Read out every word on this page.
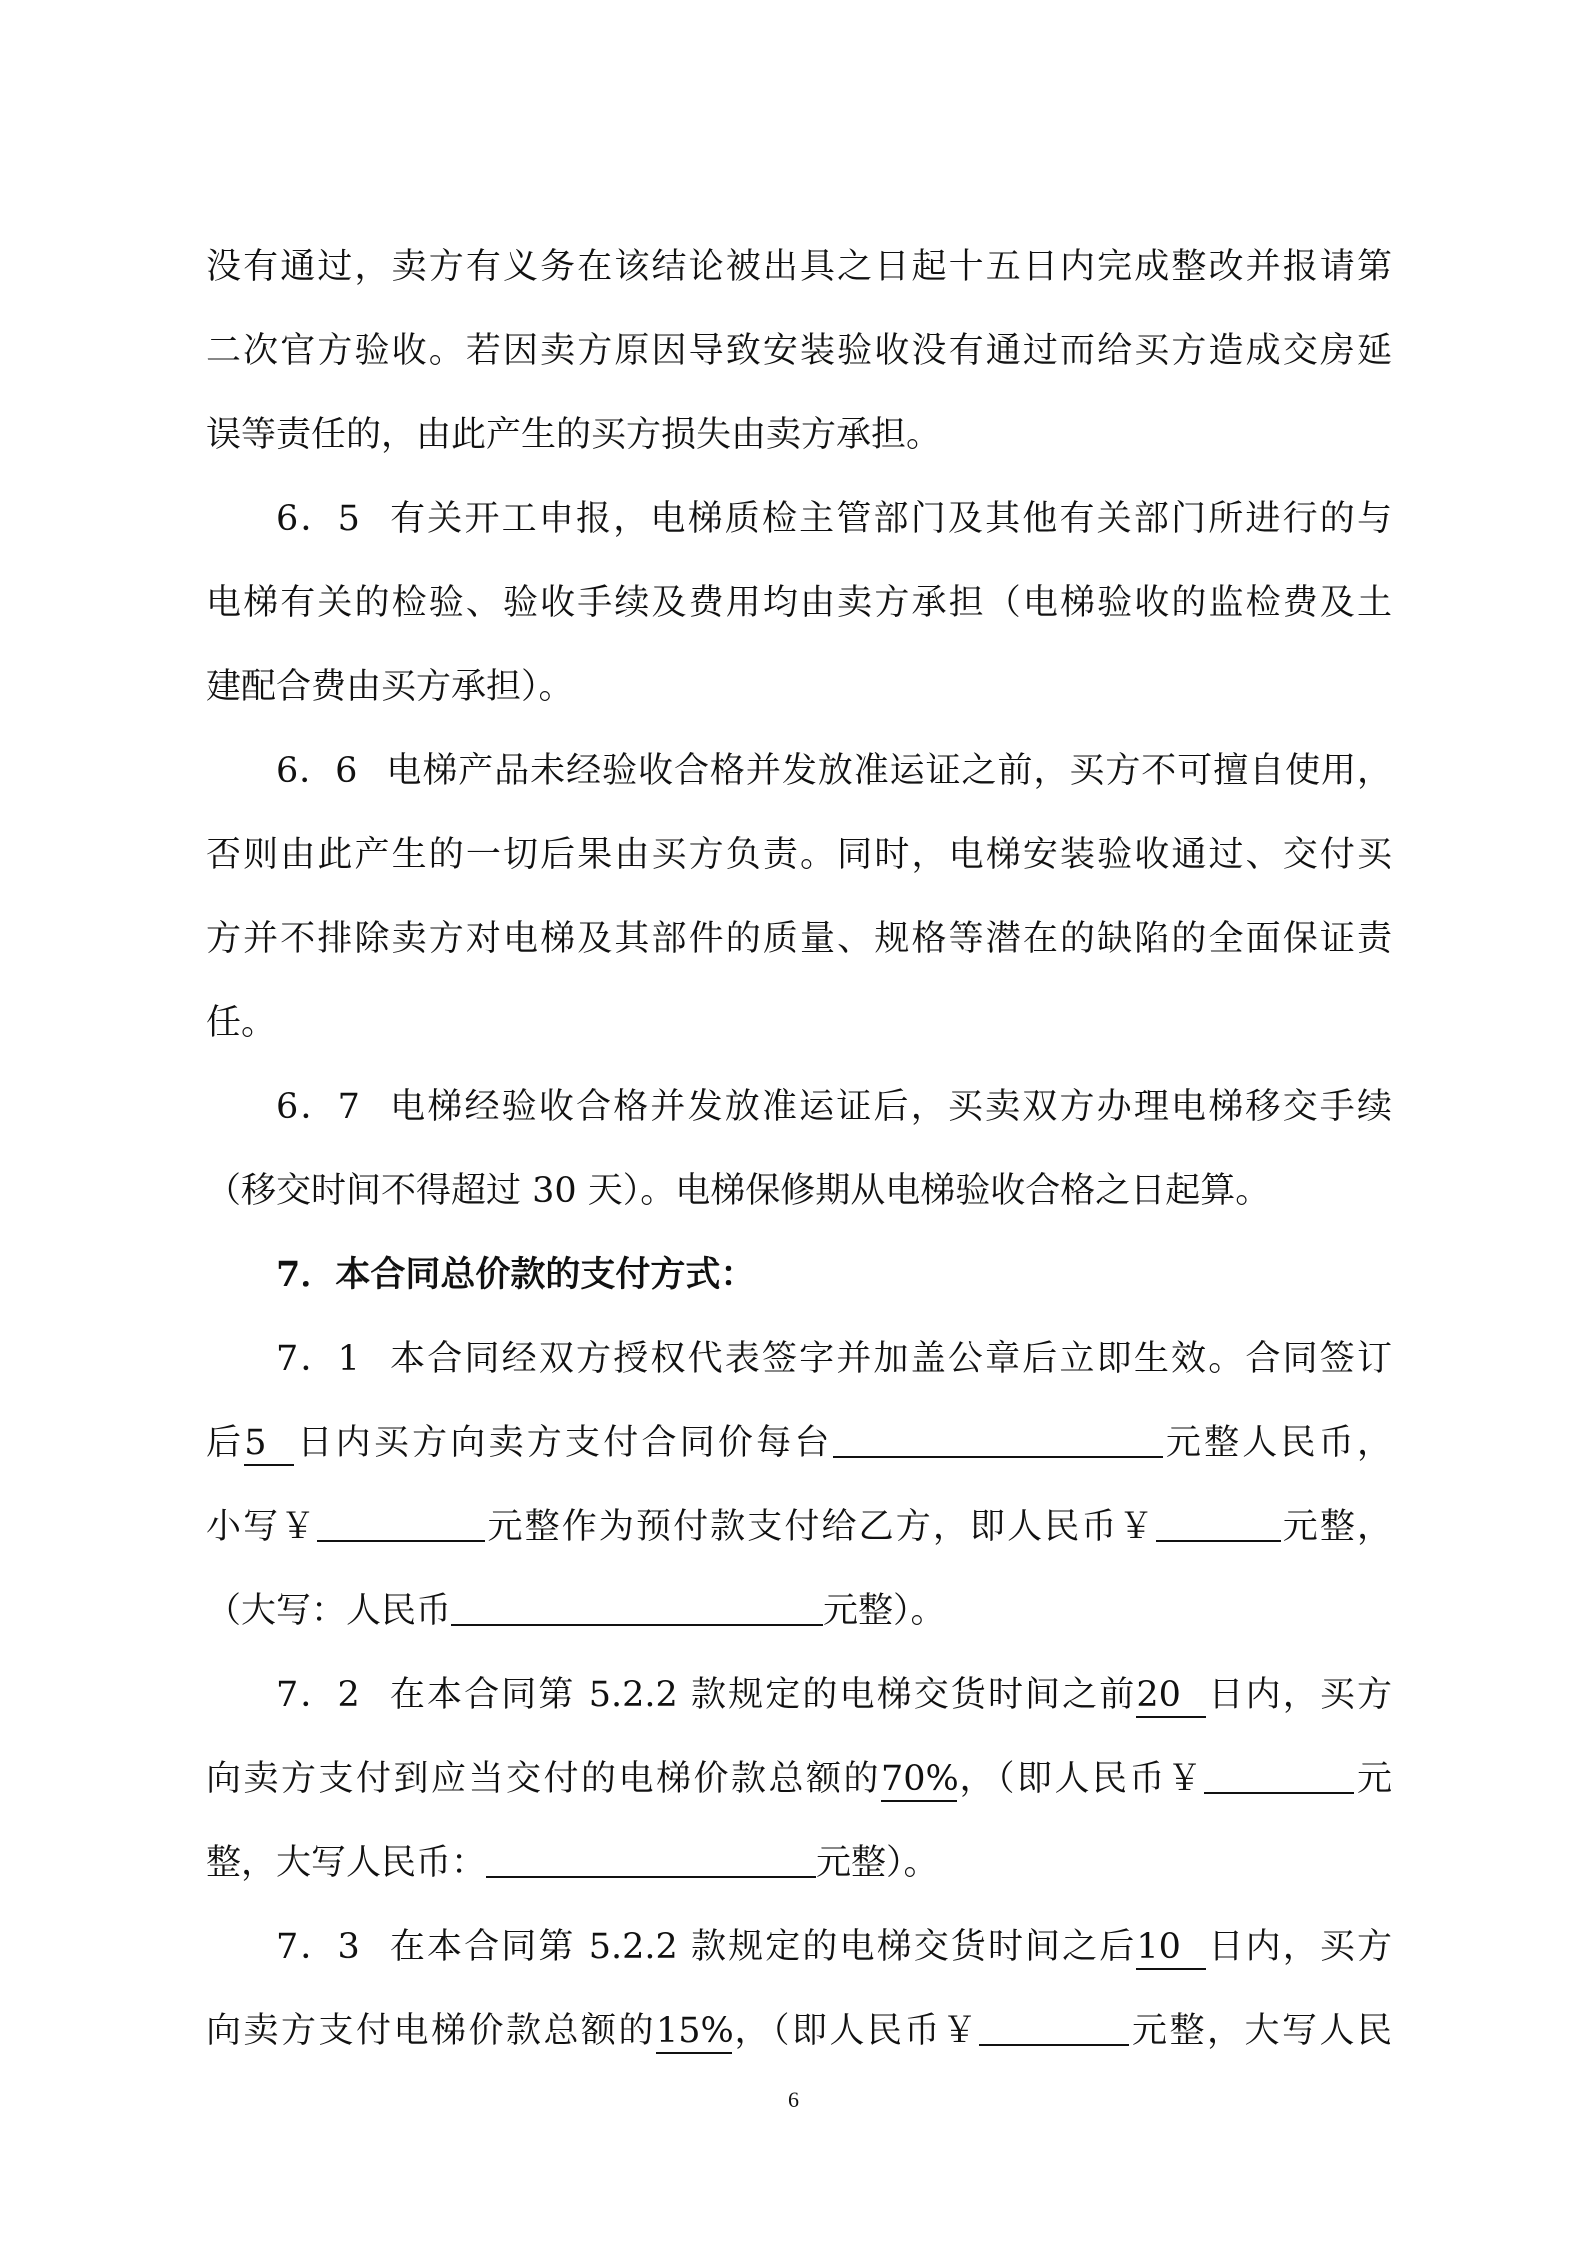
没有通过，卖方有义务在该结论被出具之日起十五日内完成整改并报请第
二次官方验收。若因卖方原因导致安装验收没有通过而给买方造成交房延
误等责任的，由此产生的买方损失由卖方承担。
6．5 有关开工申报，电梯质检主管部门及其他有关部门所进行的与
电梯有关的检验、验收手续及费用均由卖方承担（电梯验收的监检费及土
建配合费由买方承担）。
6．6 电梯产品未经验收合格并发放准运证之前，买方不可擅自使用，
否则由此产生的一切后果由买方负责。同时，电梯安装验收通过、交付买
方并不排除卖方对电梯及其部件的质量、规格等潜在的缺陷的全面保证责
任。
6．7 电梯经验收合格并发放准运证后，买卖双方办理电梯移交手续
（移交时间不得超过 30 天）。电梯保修期从电梯验收合格之日起算。
7．本合同总价款的支付方式：
7．1 本合同经双方授权代表签字并加盖公章后立即生效。合同签订
后5 日内买方向卖方支付合同价每台	元整人民币，
小写￥	元整作为预付款支付给乙方，即人民币￥	元整，
（大写：人民币	元整）。
7．2 在本合同第 5.2.2 款规定的电梯交货时间之前20 日内，买方
向卖方支付到应当交付的电梯价款总额的70%，（即人民币￥	元
整，大写人民币：	元整）。
7．3 在本合同第 5.2.2 款规定的电梯交货时间之后10 日内，买方
向卖方支付电梯价款总额的15%，（即人民币￥	元整，大写人民
6
